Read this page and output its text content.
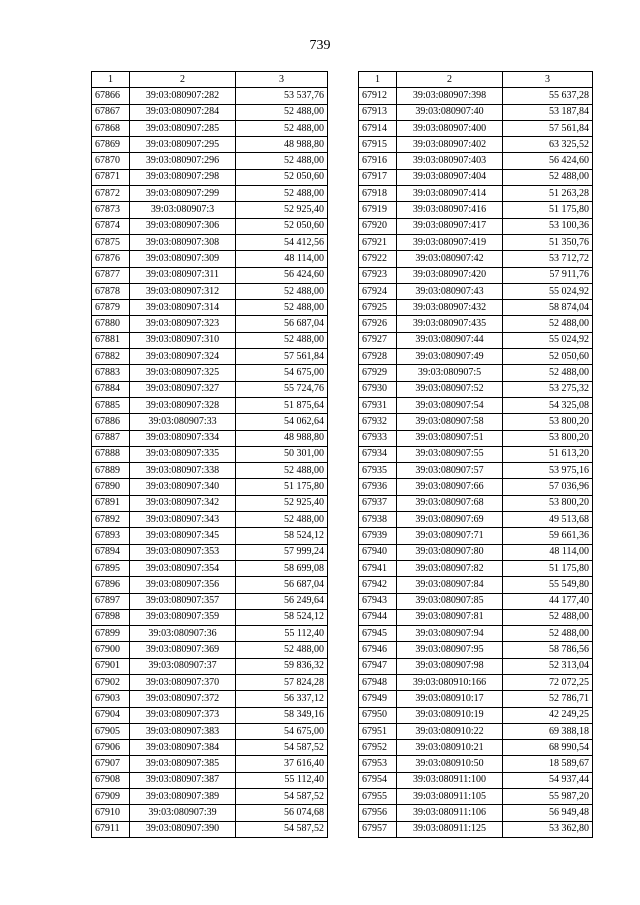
739
1	2	3
67866	39:03:080907:282	53 537,76
67867	39:03:080907:284	52 488,00
67868	39:03:080907:285	52 488,00
67869	39:03:080907:295	48 988,80
67870	39:03:080907:296	52 488,00
67871	39:03:080907:298	52 050,60
67872	39:03:080907:299	52 488,00
67873	39:03:080907:3	52 925,40
67874	39:03:080907:306	52 050,60
67875	39:03:080907:308	54 412,56
67876	39:03:080907:309	48 114,00
67877	39:03:080907:311	56 424,60
67878	39:03:080907:312	52 488,00
67879	39:03:080907:314	52 488,00
67880	39:03:080907:323	56 687,04
67881	39:03:080907:310	52 488,00
67882	39:03:080907:324	57 561,84
67883	39:03:080907:325	54 675,00
67884	39:03:080907:327	55 724,76
67885	39:03:080907:328	51 875,64
67886	39:03:080907:33	54 062,64
67887	39:03:080907:334	48 988,80
67888	39:03:080907:335	50 301,00
67889	39:03:080907:338	52 488,00
67890	39:03:080907:340	51 175,80
67891	39:03:080907:342	52 925,40
67892	39:03:080907:343	52 488,00
67893	39:03:080907:345	58 524,12
67894	39:03:080907:353	57 999,24
67895	39:03:080907:354	58 699,08
67896	39:03:080907:356	56 687,04
67897	39:03:080907:357	56 249,64
67898	39:03:080907:359	58 524,12
67899	39:03:080907:36	55 112,40
67900	39:03:080907:369	52 488,00
67901	39:03:080907:37	59 836,32
67902	39:03:080907:370	57 824,28
67903	39:03:080907:372	56 337,12
67904	39:03:080907:373	58 349,16
67905	39:03:080907:383	54 675,00
67906	39:03:080907:384	54 587,52
67907	39:03:080907:385	37 616,40
67908	39:03:080907:387	55 112,40
67909	39:03:080907:389	54 587,52
67910	39:03:080907:39	56 074,68
67911	39:03:080907:390	54 587,52
1	2	3
67912	39:03:080907:398	55 637,28
67913	39:03:080907:40	53 187,84
67914	39:03:080907:400	57 561,84
67915	39:03:080907:402	63 325,52
67916	39:03:080907:403	56 424,60
67917	39:03:080907:404	52 488,00
67918	39:03:080907:414	51 263,28
67919	39:03:080907:416	51 175,80
67920	39:03:080907:417	53 100,36
67921	39:03:080907:419	51 350,76
67922	39:03:080907:42	53 712,72
67923	39:03:080907:420	57 911,76
67924	39:03:080907:43	55 024,92
67925	39:03:080907:432	58 874,04
67926	39:03:080907:435	52 488,00
67927	39:03:080907:44	55 024,92
67928	39:03:080907:49	52 050,60
67929	39:03:080907:5	52 488,00
67930	39:03:080907:52	53 275,32
67931	39:03:080907:54	54 325,08
67932	39:03:080907:58	53 800,20
67933	39:03:080907:51	53 800,20
67934	39:03:080907:55	51 613,20
67935	39:03:080907:57	53 975,16
67936	39:03:080907:66	57 036,96
67937	39:03:080907:68	53 800,20
67938	39:03:080907:69	49 513,68
67939	39:03:080907:71	59 661,36
67940	39:03:080907:80	48 114,00
67941	39:03:080907:82	51 175,80
67942	39:03:080907:84	55 549,80
67943	39:03:080907:85	44 177,40
67944	39:03:080907:81	52 488,00
67945	39:03:080907:94	52 488,00
67946	39:03:080907:95	58 786,56
67947	39:03:080907:98	52 313,04
67948	39:03:080910:166	72 072,25
67949	39:03:080910:17	52 786,71
67950	39:03:080910:19	42 249,25
67951	39:03:080910:22	69 388,18
67952	39:03:080910:21	68 990,54
67953	39:03:080910:50	18 589,67
67954	39:03:080911:100	54 937,44
67955	39:03:080911:105	55 987,20
67956	39:03:080911:106	56 949,48
67957	39:03:080911:125	53 362,80
